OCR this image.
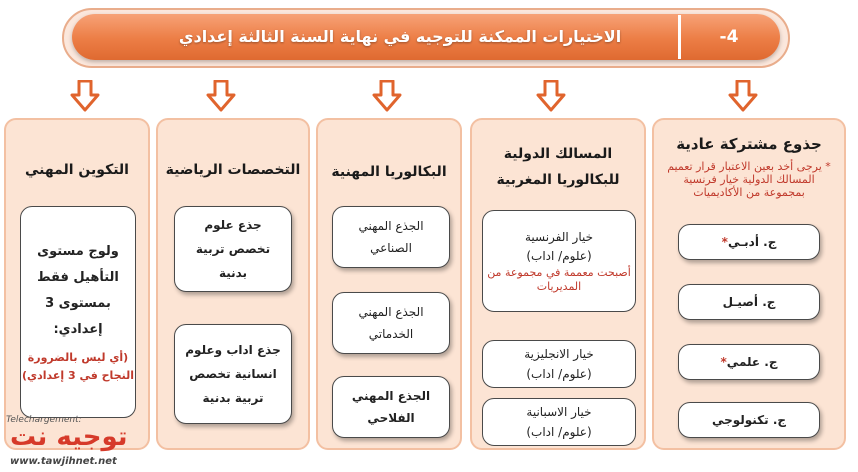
الاختيارات الممكنة للتوجيه في نهاية السنة الثالثة إعدادي	-4
جذوع مشتركة عادية
* يرجى أخد بعين الاعتبار قرار تعميم المسالك الدولية خيار فرنسية بمجموعة من الأكاديميات
ج. أدبـي*
ج. أصيـل
ج. علمي*
ج. تكنولوجي
المسالك الدولية
للبكالوريا المغربية
خيار الفرنسية
(علوم/ اداب)
أصبحت معممة في مجموعة من المديريات
خيار الانجليزية
(علوم/ اداب)
خيار الاسبانية
(علوم/ اداب)
البكالوريا المهنية
الجذع المهني
الصناعي
الجذع المهني
الخدماتي
الجذع المهني
الفلاحي
التخصصات الرياضية
جذع علوم
تخصص تربية
بدنية
جذع اداب وعلوم
انسانية تخصص
تربية بدنية
التكوين المهني
ولوج مستوى
التأهيل فقط
بمستوى 3 إعدادي:
(أي ليس بالضرورة النجاح في 3 إعدادي)
Telechargement:
توجيه نت
www.tawjihnet.net
